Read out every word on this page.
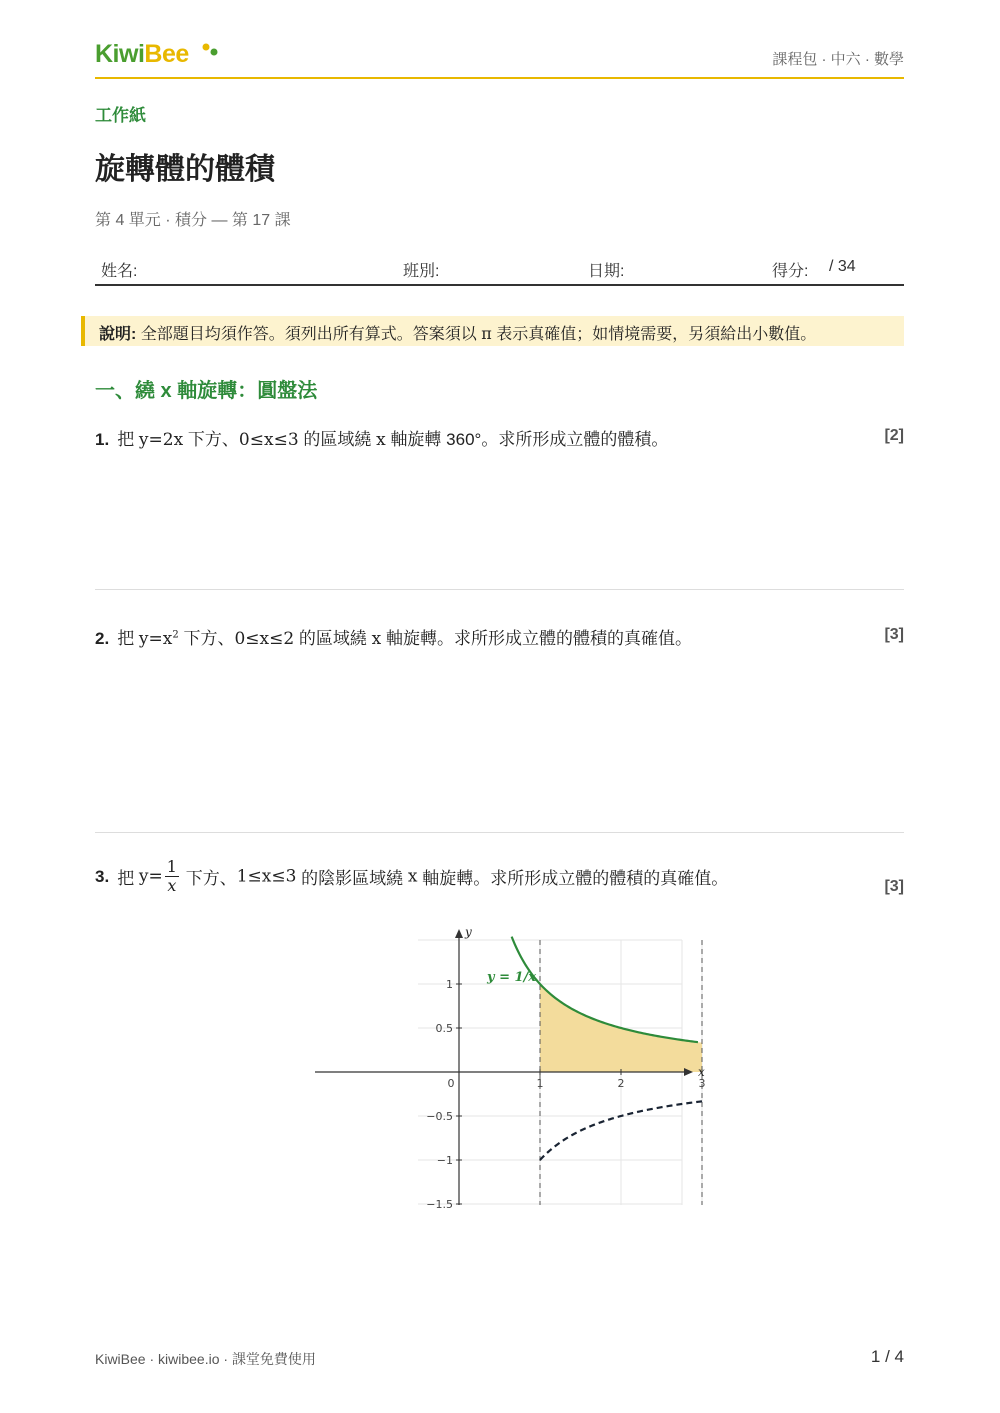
KiwiBee	課程包 · 中六 · 數學
工作紙
旋轉體的體積
第 4 單元 · 積分 — 第 17 課
姓名:	班別:	日期:	得分: / 34
說明: 全部題目均須作答。須列出所有算式。答案須以 π 表示真確值；如情境需要，另須給出小數值。
一、繞 x 軸旋轉：圓盤法
1. 把 y=2x 下方、0≤x≤3 的區域繞 x 軸旋轉 360°。求所形成立體的體積。	[2]
2. 把 $y=x^2$ 下方、0≤x≤2 的區域繞 x 軸旋轉。求所形成立體的體積的真確值。	[3]
3. 把 $y= \frac{1}{x}$ 下方、1≤x≤3 的陰影區域繞 x 軸旋轉。求所形成立體的體積的真確值。	[3]
0	1	2	3
1
0.5
−0.5
−1
−1.5
x
y
y = 1/x
KiwiBee · kiwibee.io · 課堂免費使用	1 / 4
